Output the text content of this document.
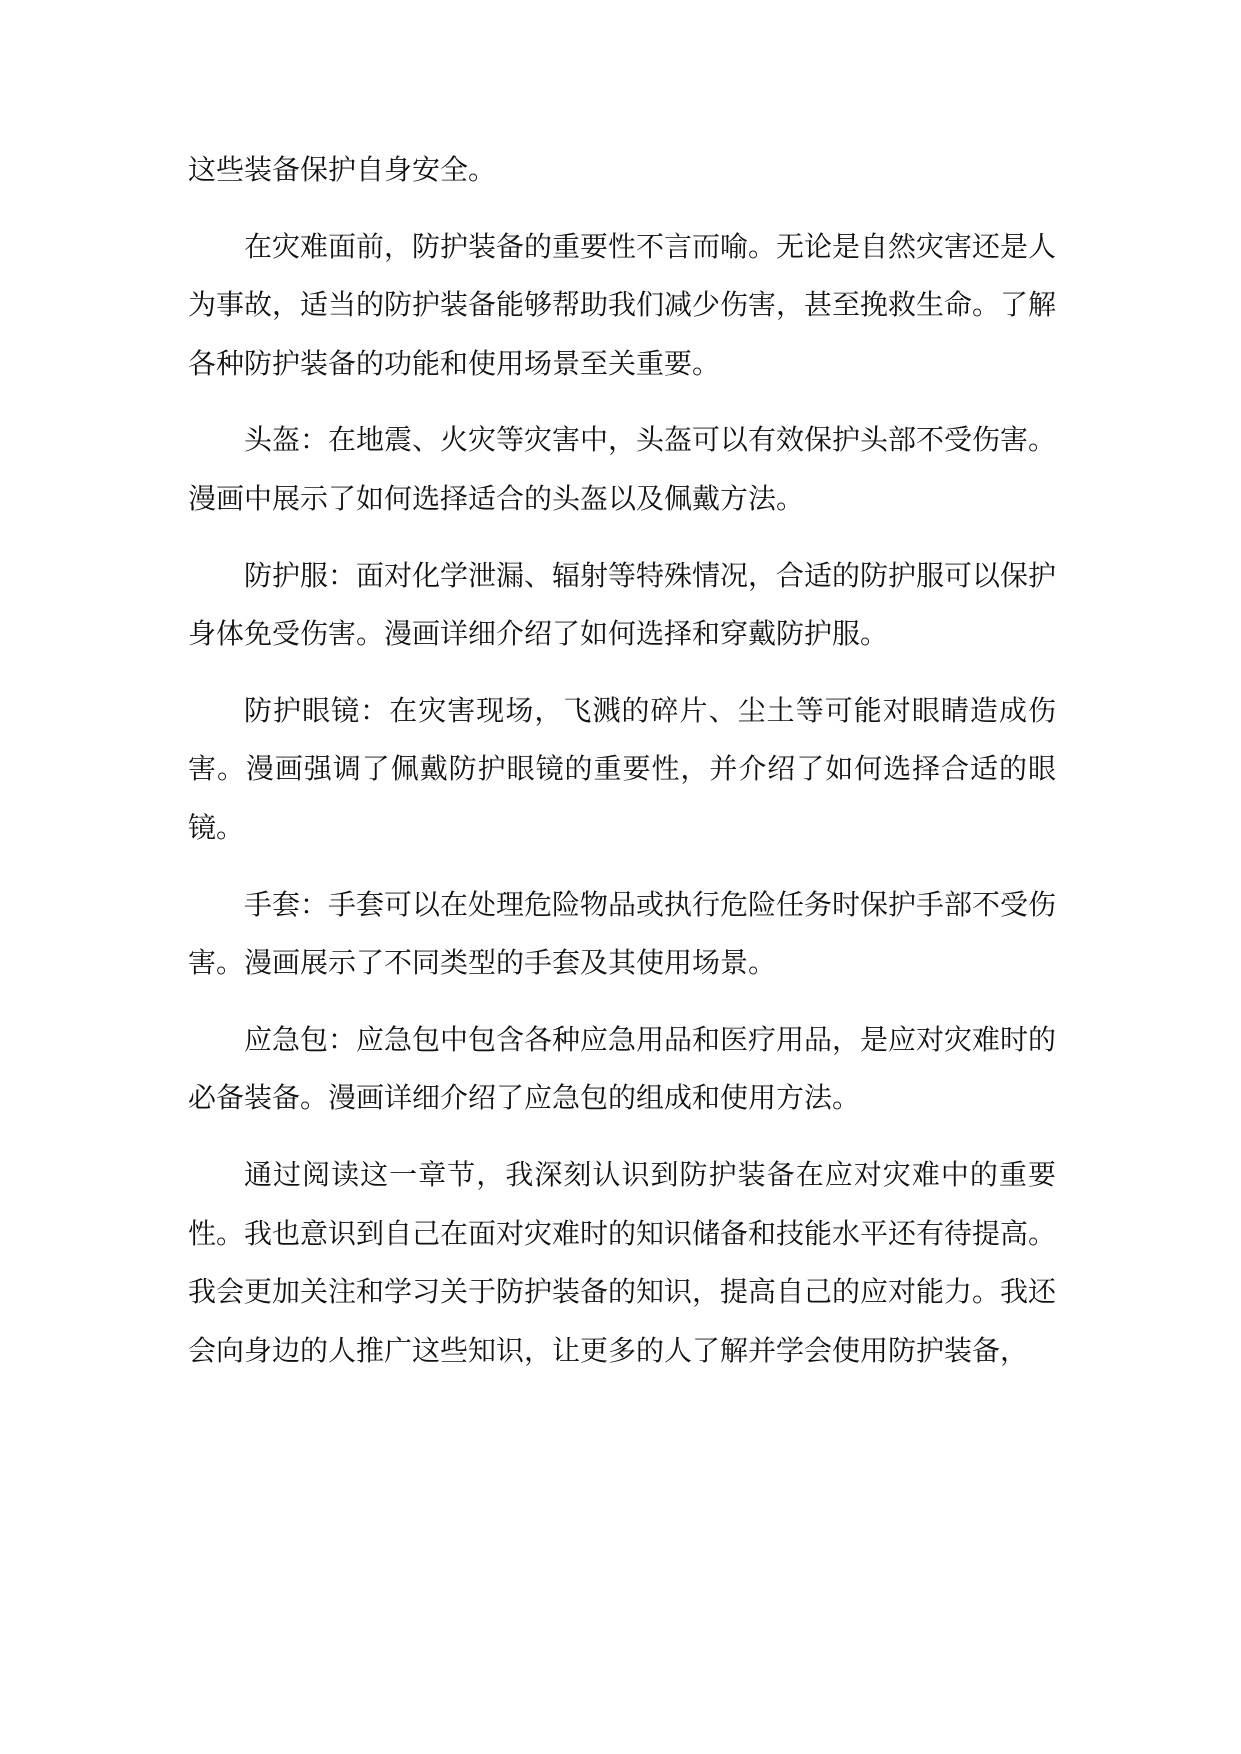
这些装备保护自身安全。

在灾难面前，防护装备的重要性不言而喻。无论是自然灾害还是人为事故，适当的防护装备能够帮助我们减少伤害，甚至挽救生命。了解各种防护装备的功能和使用场景至关重要。

头盔：在地震、火灾等灾害中，头盔可以有效保护头部不受伤害。漫画中展示了如何选择适合的头盔以及佩戴方法。

防护服：面对化学泄漏、辐射等特殊情况，合适的防护服可以保护身体免受伤害。漫画详细介绍了如何选择和穿戴防护服。

防护眼镜：在灾害现场，飞溅的碎片、尘土等可能对眼睛造成伤害。漫画强调了佩戴防护眼镜的重要性，并介绍了如何选择合适的眼镜。

手套：手套可以在处理危险物品或执行危险任务时保护手部不受伤害。漫画展示了不同类型的手套及其使用场景。

应急包：应急包中包含各种应急用品和医疗用品，是应对灾难时的必备装备。漫画详细介绍了应急包的组成和使用方法。

通过阅读这一章节，我深刻认识到防护装备在应对灾难中的重要性。我也意识到自己在面对灾难时的知识储备和技能水平还有待提高。我会更加关注和学习关于防护装备的知识，提高自己的应对能力。我还会向身边的人推广这些知识，让更多的人了解并学会使用防护装备，
